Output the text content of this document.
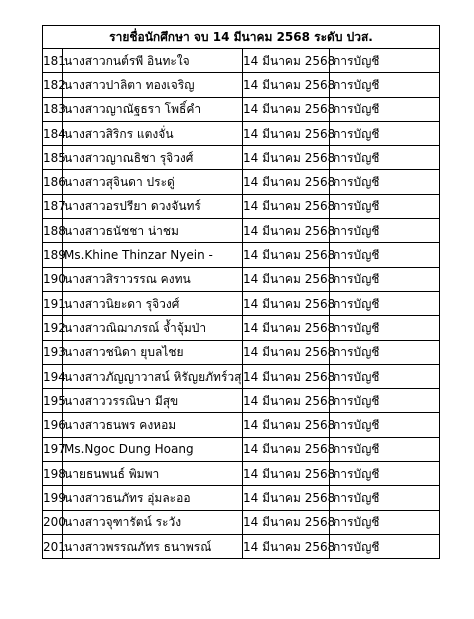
รายชื่อนักศึกษา จบ 14 มีนาคม 2568 ระดับ ปวส.			
181	นางสาวกนต์รพี อินทะใจ	14 มีนาคม 2568	การบัญชี
182	นางสาวปาลิตา ทองเจริญ	14 มีนาคม 2568	การบัญชี
183	นางสาวญาณัฐธรา โพธิ์คำ	14 มีนาคม 2568	การบัญชี
184	นางสาวสิริกร แตงจั่น	14 มีนาคม 2568	การบัญชี
185	นางสาวญาณธิชา รุจิวงศ์	14 มีนาคม 2568	การบัญชี
186	นางสาวสุจินดา ประดู่	14 มีนาคม 2568	การบัญชี
187	นางสาวอรปรียา ดวงจันทร์	14 มีนาคม 2568	การบัญชี
188	นางสาวธนัชชา น่าชม	14 มีนาคม 2568	การบัญชี
189	Ms.Khine Thinzar Nyein -	14 มีนาคม 2568	การบัญชี
190	นางสาวสิราวรรณ คงทน	14 มีนาคม 2568	การบัญชี
191	นางสาวนิยะดา รุจิวงศ์	14 มีนาคม 2568	การบัญชี
192	นางสาวณิฌาภรณ์ จ้ำจุ้มป่า	14 มีนาคม 2568	การบัญชี
193	นางสาวชนิดา ยุบลไชย	14 มีนาคม 2568	การบัญชี
194	นางสาวภัญญาวาสน์ หิรัญยภัทร์วสุ	14 มีนาคม 2568	การบัญชี
195	นางสาววรรณิษา มีสุข	14 มีนาคม 2568	การบัญชี
196	นางสาวธนพร คงหอม	14 มีนาคม 2568	การบัญชี
197	Ms.Ngoc Dung Hoang	14 มีนาคม 2568	การบัญชี
198	นายธนพนธ์ พิมพา	14 มีนาคม 2568	การบัญชี
199	นางสาวธนภัทร อุ่มละออ	14 มีนาคม 2568	การบัญชี
200	นางสาวจุฑารัตน์ ระวัง	14 มีนาคม 2568	การบัญชี
201	นางสาวพรรณภัทร ธนาพรณ์	14 มีนาคม 2568	การบัญชี
